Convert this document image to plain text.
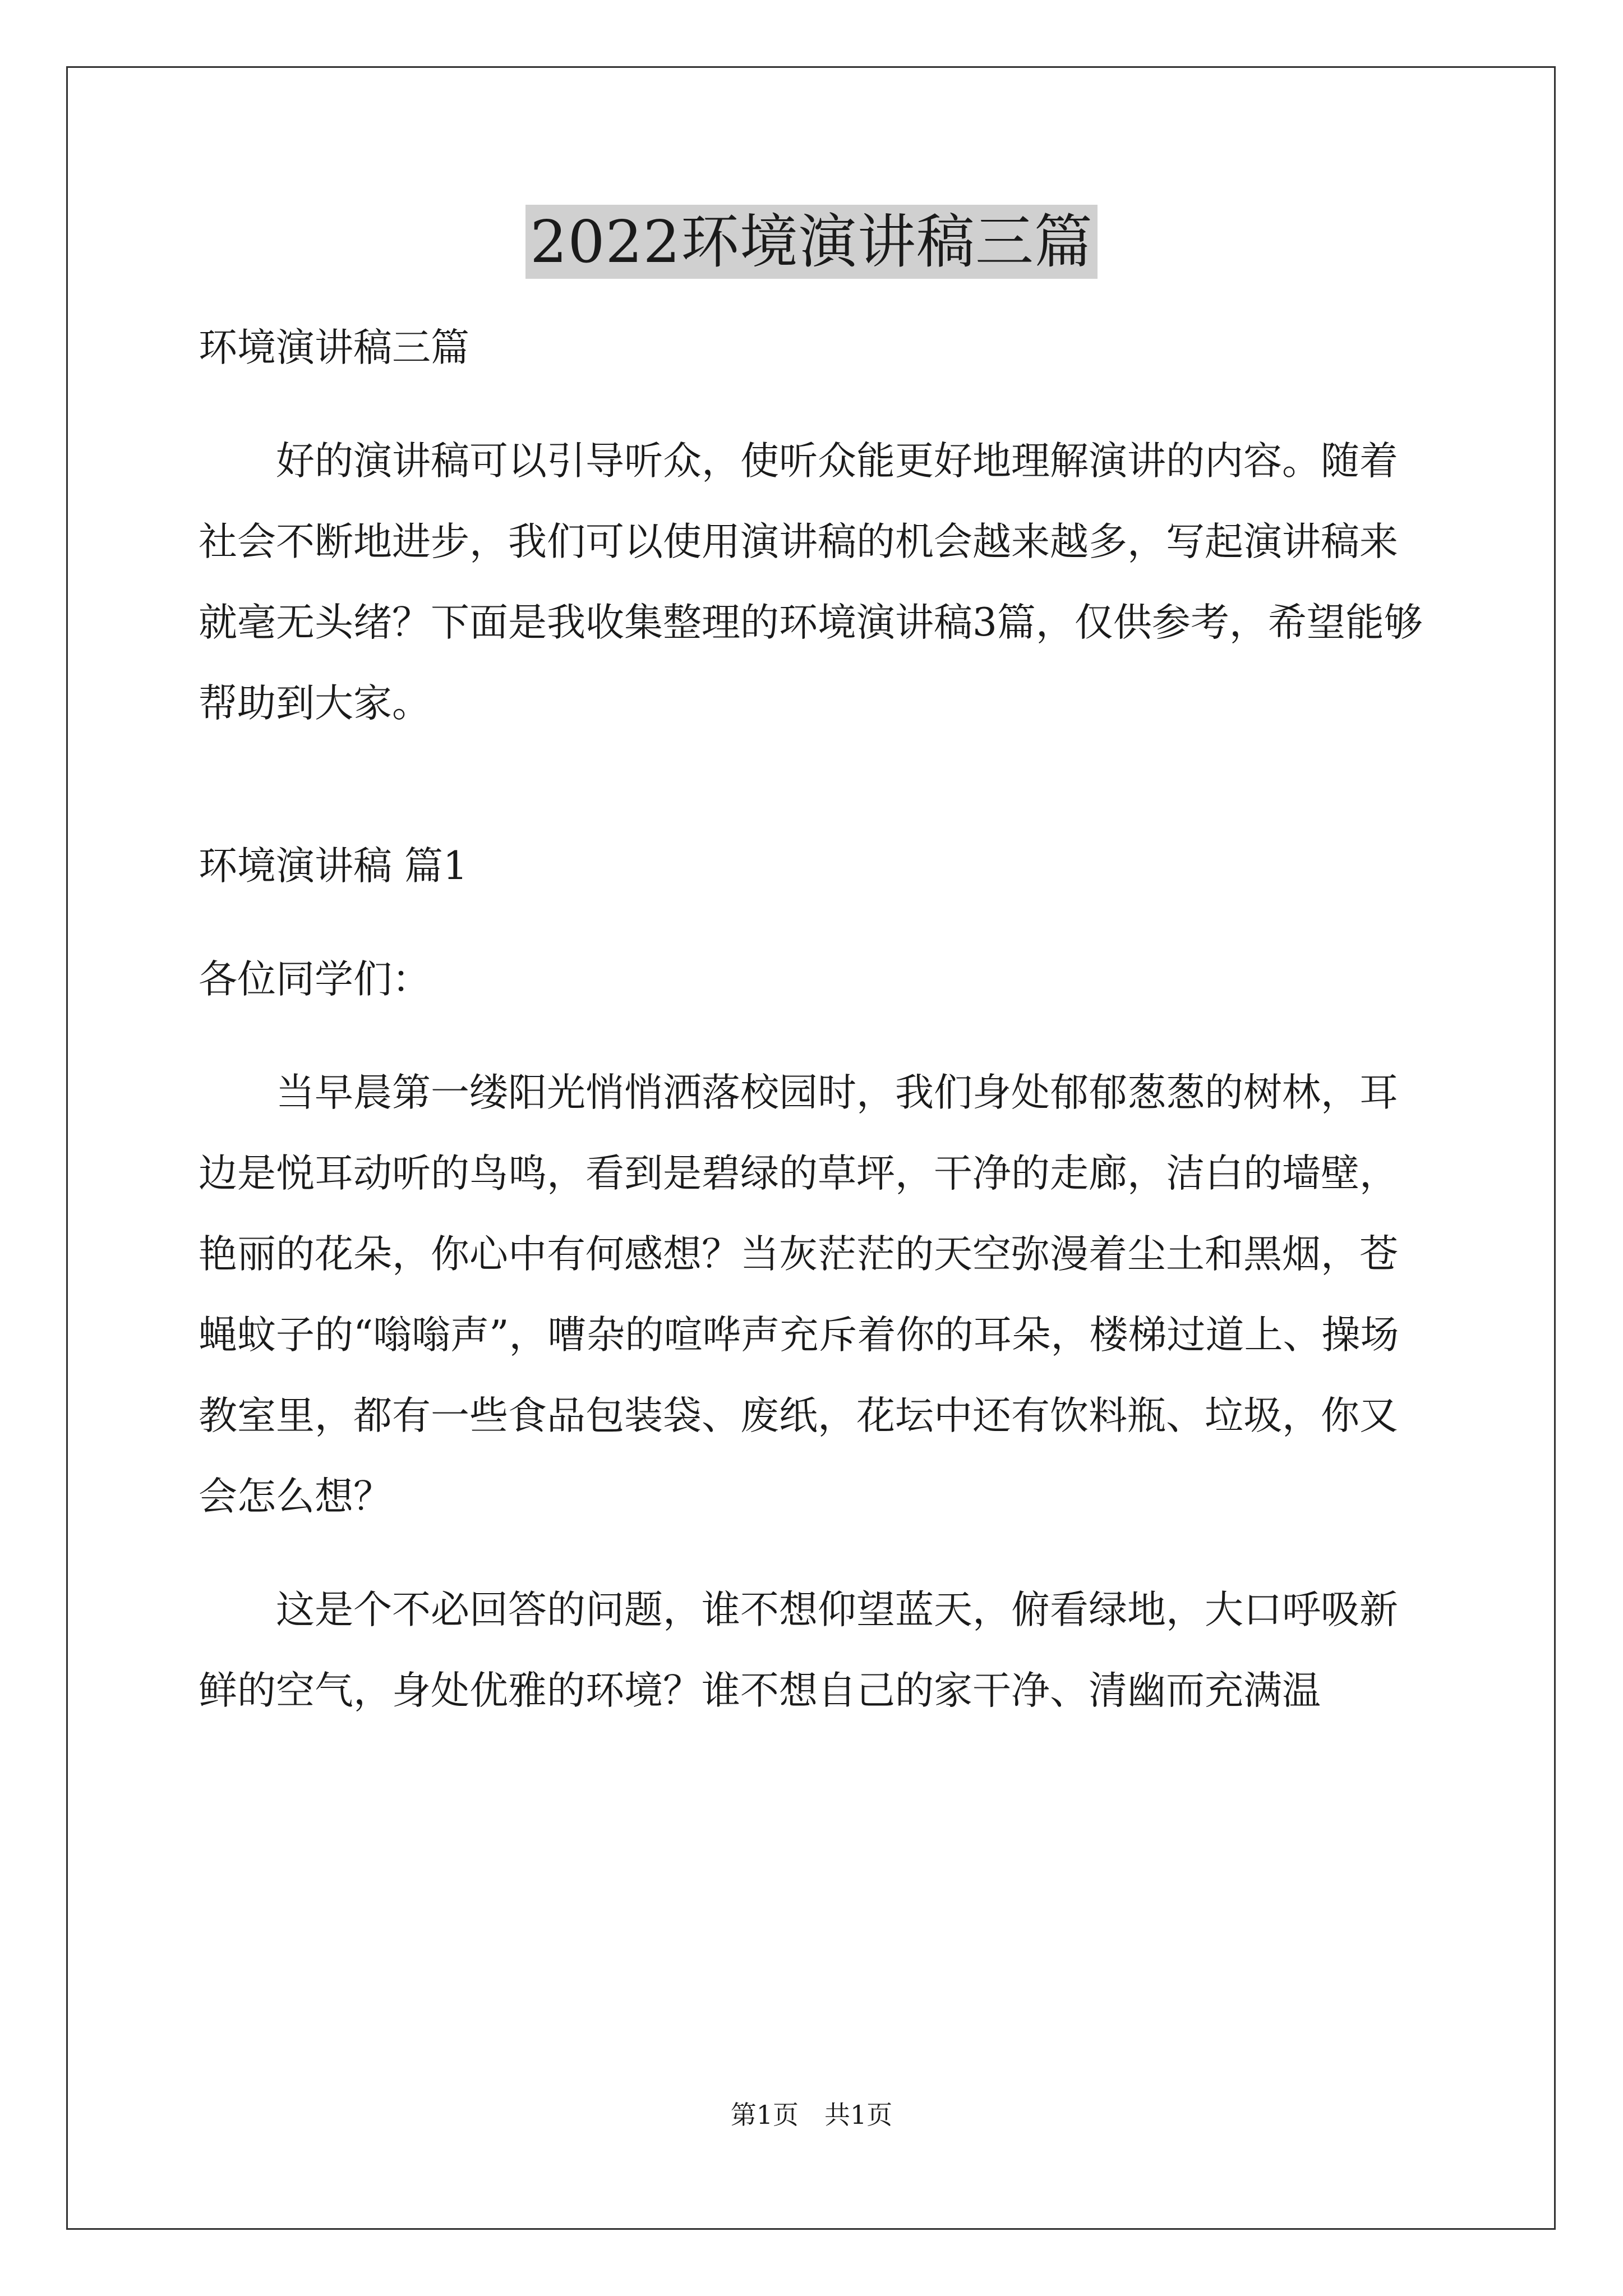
2022环境演讲稿三篇

环境演讲稿三篇

好的演讲稿可以引导听众，使听众能更好地理解演讲的内容。随着社会不断地进步，我们可以使用演讲稿的机会越来越多，写起演讲稿来就毫无头绪？下面是我收集整理的环境演讲稿3篇，仅供参考，希望能够帮助到大家。

环境演讲稿 篇1

各位同学们：

当早晨第一缕阳光悄悄洒落校园时，我们身处郁郁葱葱的树林，耳边是悦耳动听的鸟鸣，看到是碧绿的草坪，干净的走廊，洁白的墙壁，艳丽的花朵，你心中有何感想？当灰茫茫的天空弥漫着尘土和黑烟，苍蝇蚊子的“嗡嗡声”，嘈杂的喧哗声充斥着你的耳朵，楼梯过道上、操场教室里，都有一些食品包装袋、废纸，花坛中还有饮料瓶、垃圾，你又会怎么想？

这是个不必回答的问题，谁不想仰望蓝天，俯看绿地，大口呼吸新鲜的空气，身处优雅的环境？谁不想自己的家干净、清幽而充满温

第1页　共1页
